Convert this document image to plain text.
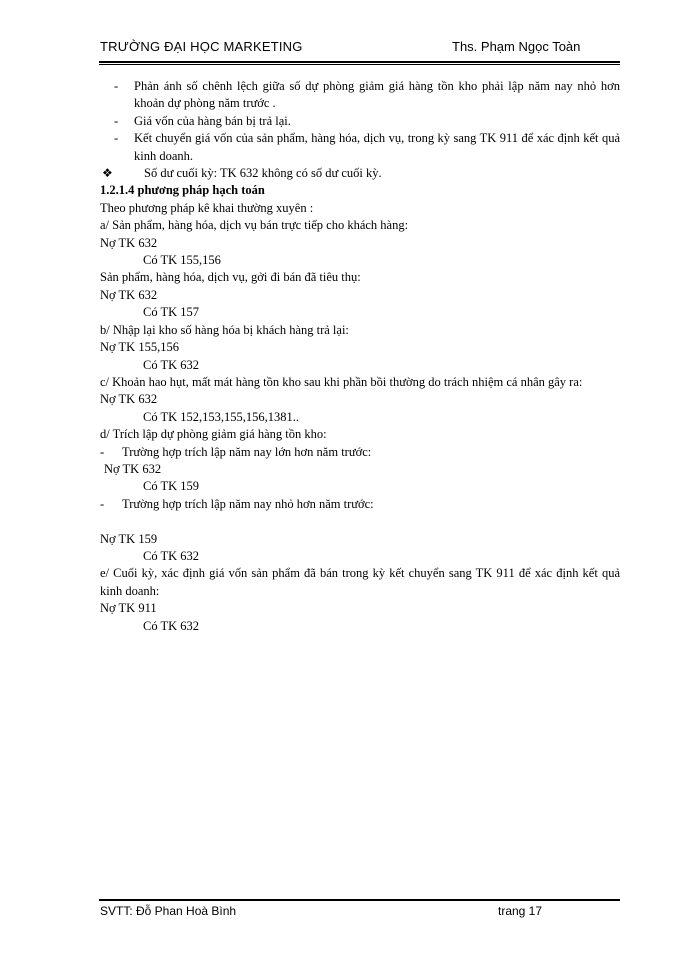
TRƯỜNG ĐẠI HỌC MARKETING	Ths. Phạm Ngọc Toàn
- Phản ánh số chênh lệch giữa số dự phòng giảm giá hàng tồn kho phải lập năm nay nhỏ hơn khoản dự phòng năm trước .
- Giá vốn của hàng bán bị trả lại.
- Kết chuyển giá vốn của sản phẩm, hàng hóa, dịch vụ, trong kỳ sang TK 911 để xác định kết quả kinh doanh.
❖ Số dư cuối kỳ: TK 632 không có số dư cuối kỳ.
1.2.1.4 phương pháp hạch toán
Theo phương pháp kê khai thường xuyên :
a/ Sản phẩm, hàng hóa, dịch vụ bán trực tiếp cho khách hàng:
Nợ TK 632
Có TK 155,156
Sản phẩm, hàng hóa, dịch vụ, gởi đi bán đã tiêu thụ:
Nợ TK 632
Có TK 157
b/ Nhập lại kho số hàng hóa bị khách hàng trả lại:
Nợ TK 155,156
Có TK 632
c/ Khoản hao hụt, mất mát hàng tồn kho sau khi phần bồi thường do trách nhiệm cá nhân gây ra:
Nợ TK 632
Có TK 152,153,155,156,1381..
d/ Trích lập dự phòng giảm giá hàng tồn kho:
- Trường hợp trích lập năm nay lớn hơn năm trước:
Nợ TK 632
Có TK 159
- Trường hợp trích lập năm nay nhỏ hơn năm trước:
Nợ TK 159
Có TK 632
e/ Cuối kỳ, xác định giá vốn sản phẩm đã bán trong kỳ kết chuyển sang TK 911 để xác định kết quả kinh doanh:
Nợ TK 911
Có TK 632
SVTT: Đỗ Phan Hoà Bình	trang 17
